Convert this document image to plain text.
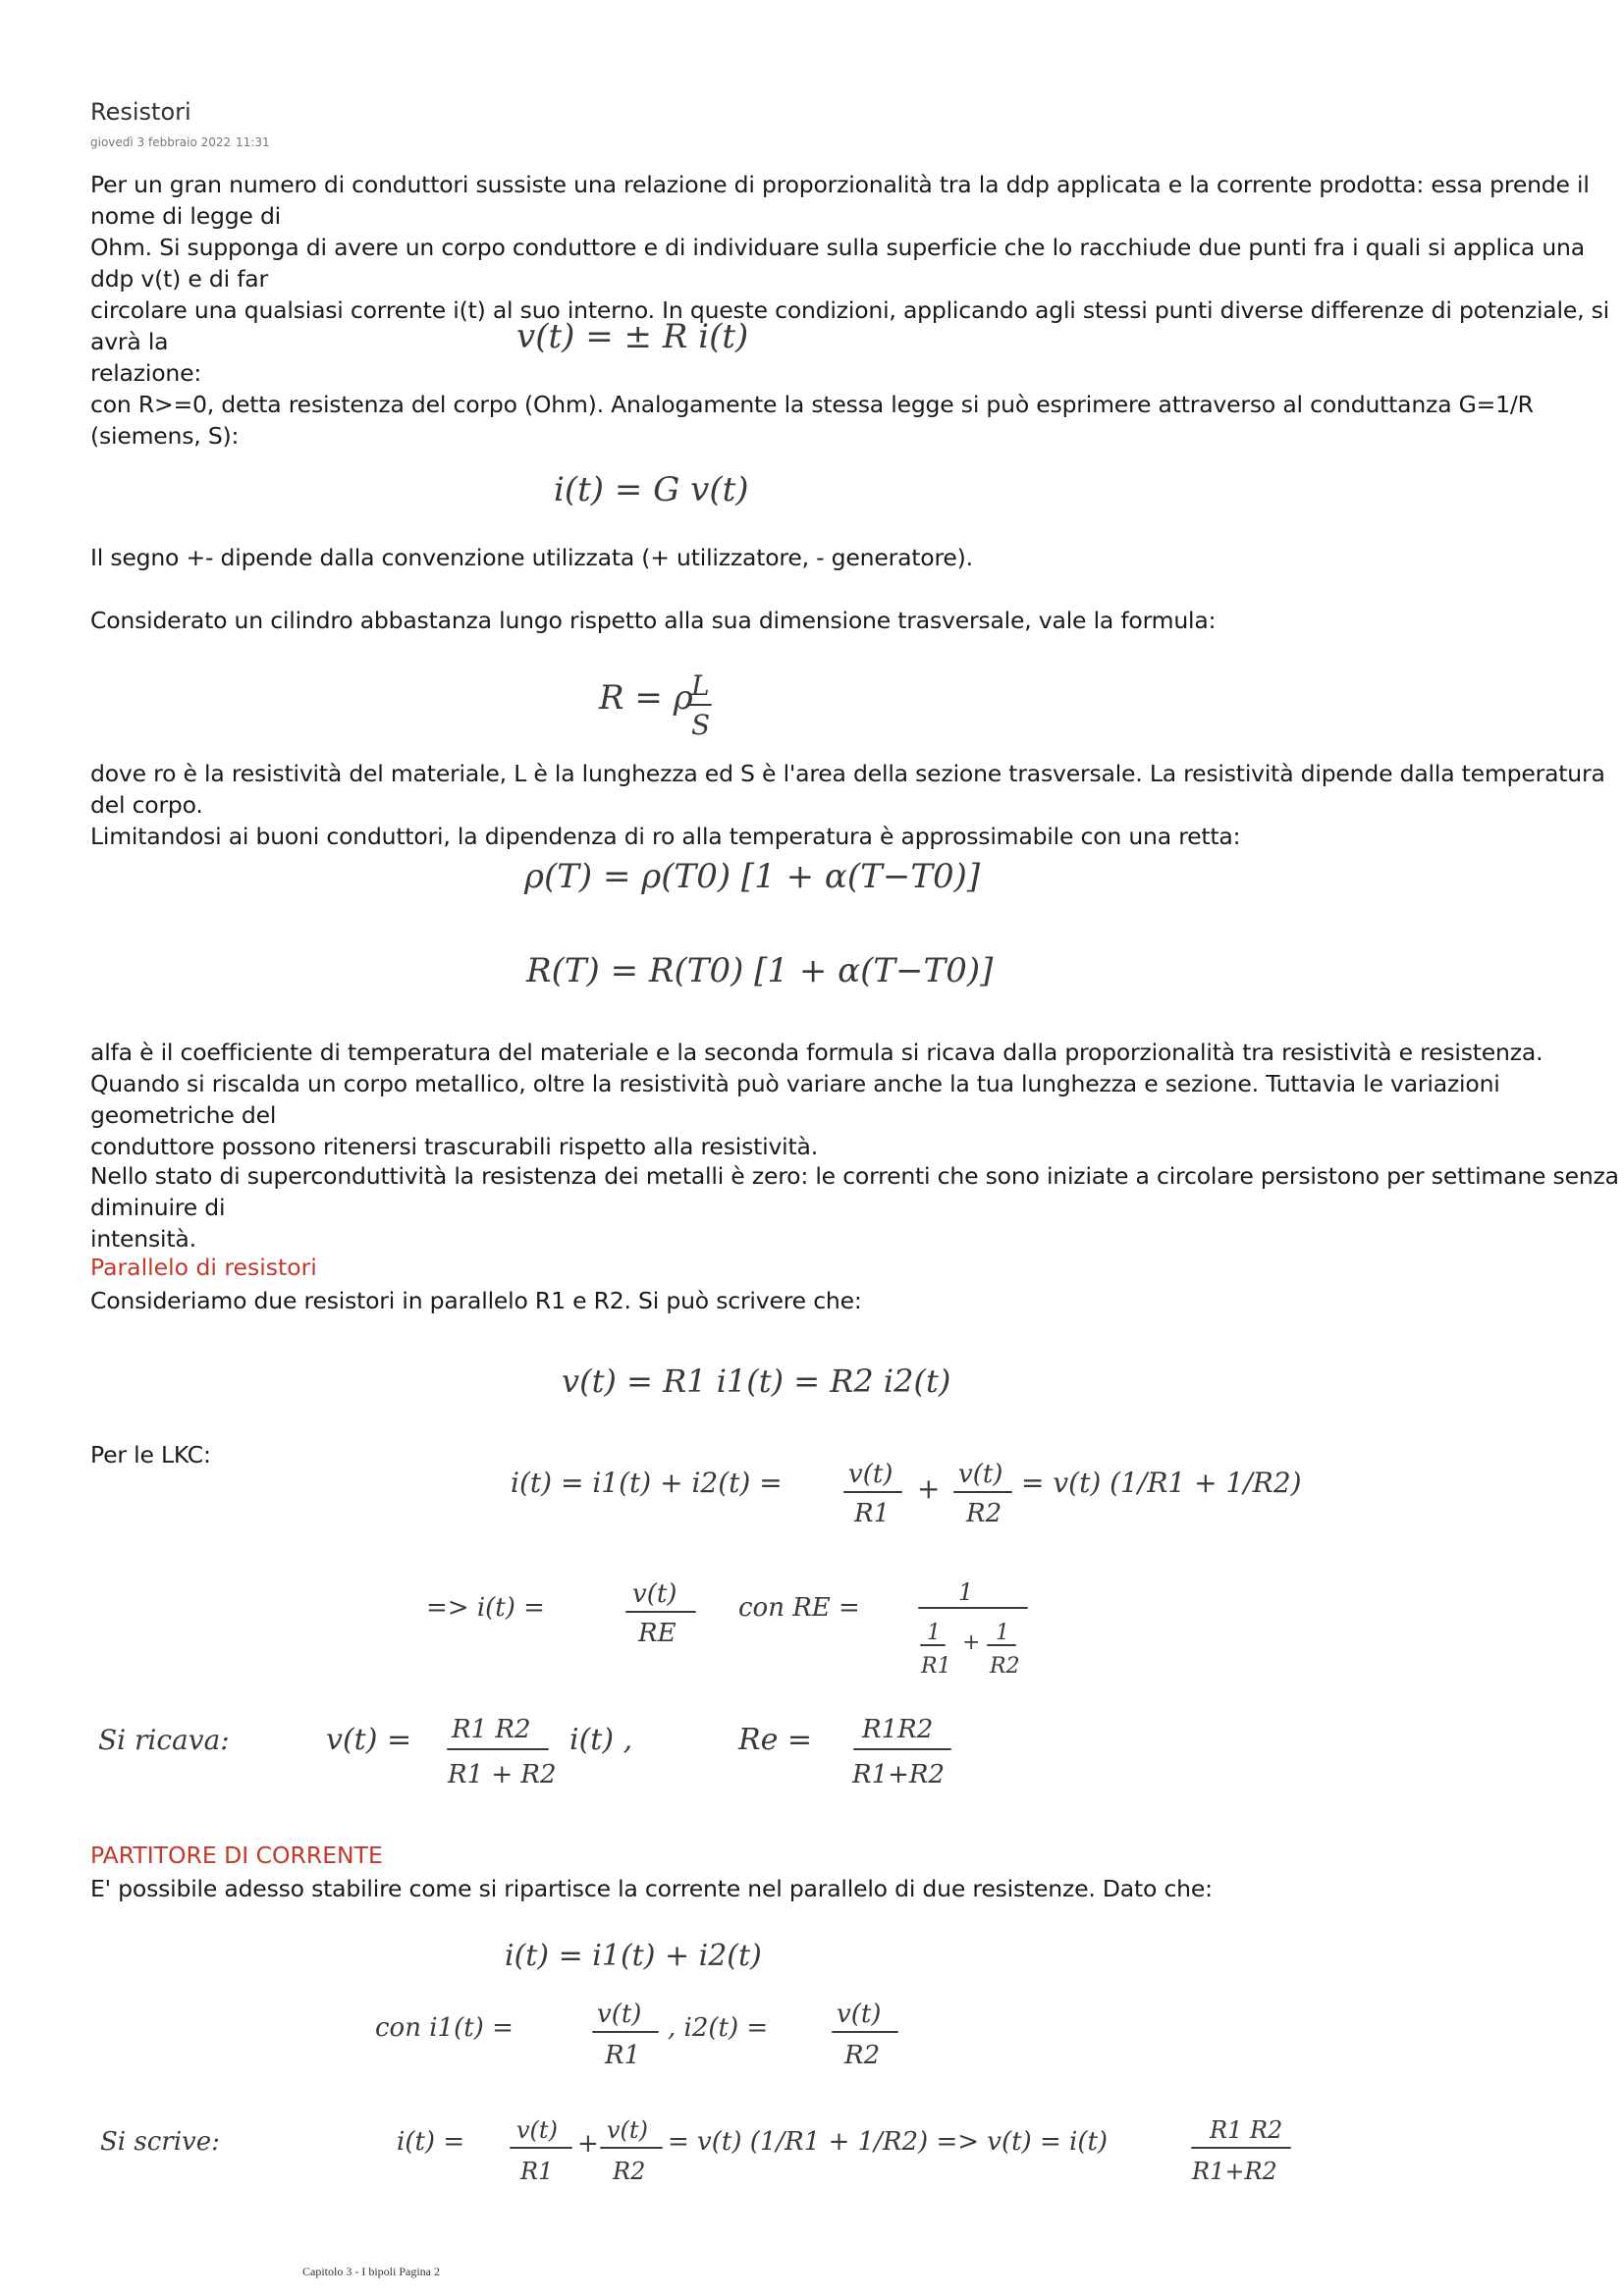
Resistori
giovedì 3 febbraio 2022 11:31
Per un gran numero di conduttori sussiste una relazione di proporzionalità tra la ddp applicata e la corrente prodotta: essa prende il nome di legge di
Ohm. Si supponga di avere un corpo conduttore e di individuare sulla superficie che lo racchiude due punti fra i quali si applica una ddp v(t) e di far
circolare una qualsiasi corrente i(t) al suo interno. In queste condizioni, applicando agli stessi punti diverse differenze di potenziale, si avrà la
relazione:
v(t) = ± R i(t)
con R>=0, detta resistenza del corpo (Ohm). Analogamente la stessa legge si può esprimere attraverso al conduttanza G=1/R (siemens, S):
i(t) = G v(t)
Il segno +- dipende dalla convenzione utilizzata (+ utilizzatore, - generatore).
Considerato un cilindro abbastanza lungo rispetto alla sua dimensione trasversale, vale la formula:
R = ρ
L
S
dove ro è la resistività del materiale, L è la lunghezza ed S è l'area della sezione trasversale. La resistività dipende dalla temperatura del corpo.
Limitandosi ai buoni conduttori, la dipendenza di ro alla temperatura è approssimabile con una retta:
ρ(T) = ρ(T0) [1 + α(T−T0)]
R(T) = R(T0) [1 + α(T−T0)]
alfa è il coefficiente di temperatura del materiale e la seconda formula si ricava dalla proporzionalità tra resistività e resistenza.
Quando si riscalda un corpo metallico, oltre la resistività può variare anche la tua lunghezza e sezione. Tuttavia le variazioni geometriche del
conduttore possono ritenersi trascurabili rispetto alla resistività.
Nello stato di superconduttività la resistenza dei metalli è zero: le correnti che sono iniziate a circolare persistono per settimane senza diminuire di
intensità.
Parallelo di resistori
Consideriamo due resistori in parallelo R1 e R2. Si può scrivere che:
v(t) = R1 i1(t) = R2 i2(t)
Per le LKC:
i(t) = i1(t) + i2(t) =	v(t)
R1
+ v(t)
R2
= v(t) (1/R1 + 1/R2)
=> i(t) =	v(t)
RE
con RE =
1
1
R1
+ 1
R2
Si ricava:	v(t) = R1 R2
R1 + R2
i(t) ,	Re = R1R2
R1+R2
PARTITORE DI CORRENTE
E' possibile adesso stabilire come si ripartisce la corrente nel parallelo di due resistenze. Dato che:
i(t) = i1(t) + i2(t)
con i1(t) =	v(t)
R1
, i2(t) =	v(t)
R2
Si scrive:	i(t) = v(t)
R1
+ v(t)
R2
= v(t) (1/R1 + 1/R2) => v(t) = i(t)	R1 R2
R1+R2
Capitolo 3 - I bipoli Pagina 2
